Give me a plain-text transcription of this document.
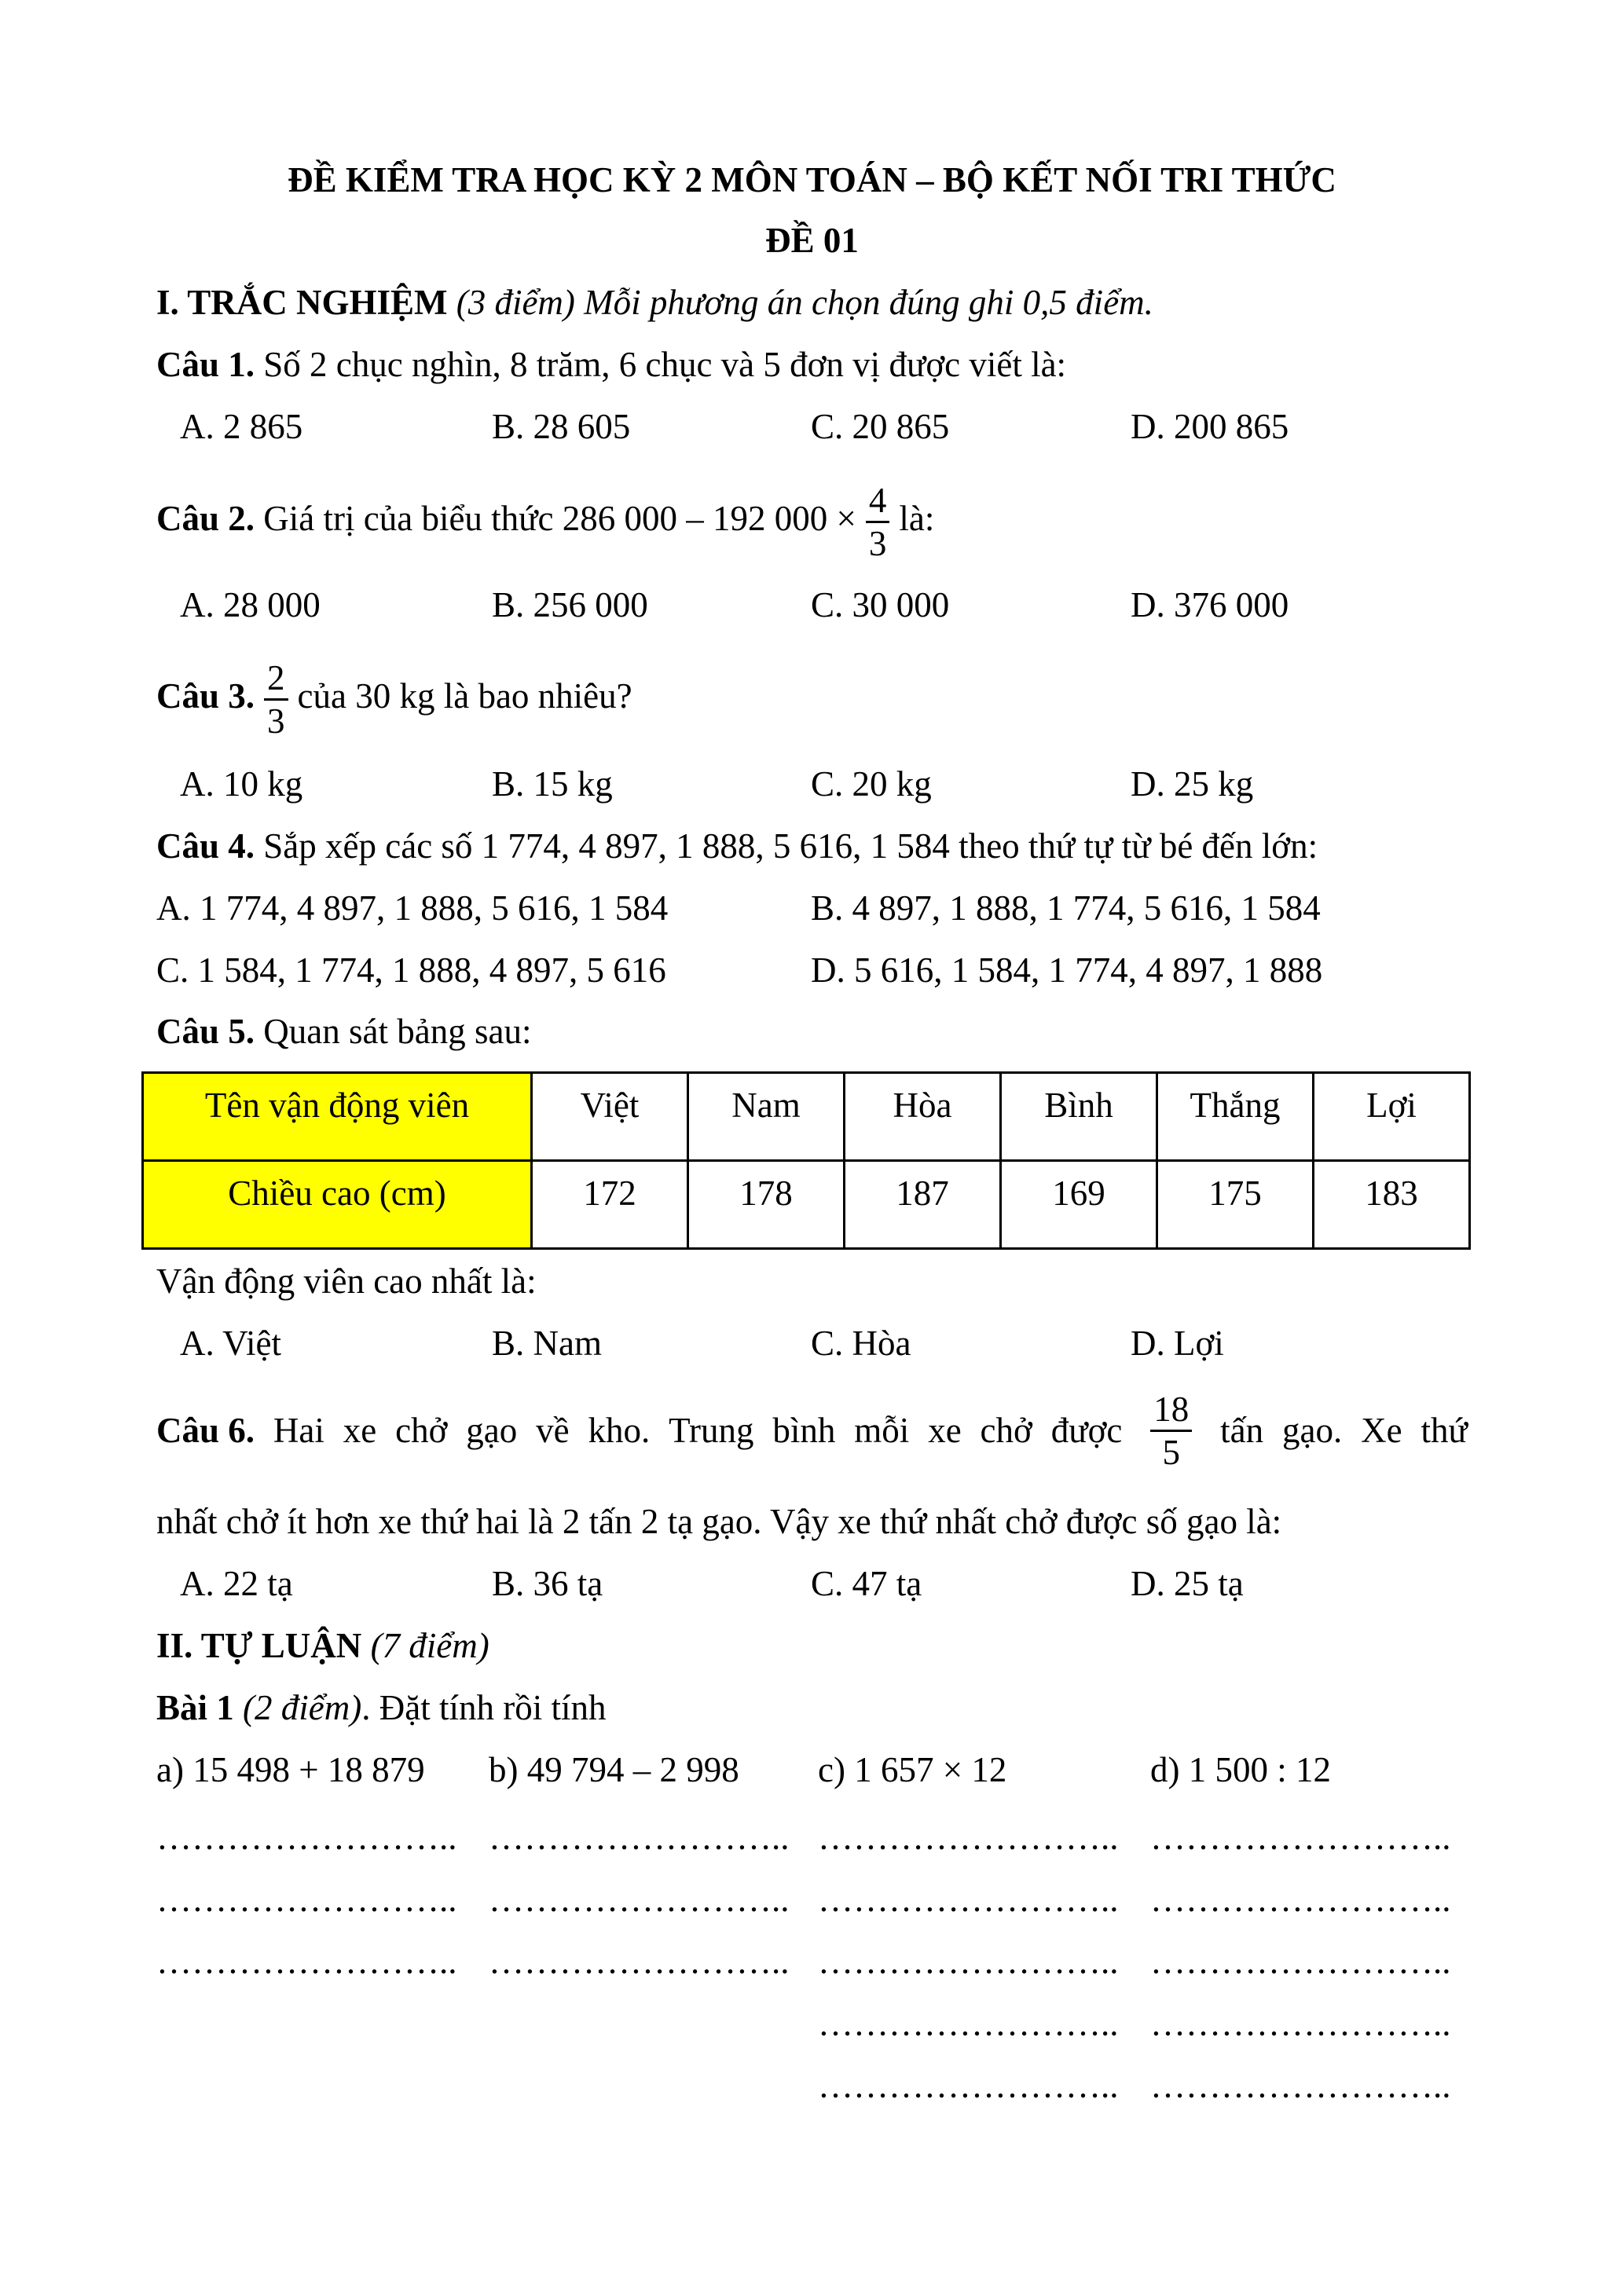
ĐỀ KIỂM TRA HỌC KỲ 2 MÔN TOÁN – BỘ KẾT NỐI TRI THỨC
ĐỀ 01
I. TRẮC NGHIỆM (3 điểm) Mỗi phương án chọn đúng ghi 0,5 điểm.
Câu 1. Số 2 chục nghìn, 8 trăm, 6 chục và 5 đơn vị được viết là:
A. 2 865	B. 28 605	C. 20 865	D. 200 865
Câu 2. Giá trị của biểu thức 286 000 – 192 $000 \times \frac{4}{3}$ là:
A. 28 000	B. 256 000	C. 30 000	D. 376 000
Câu 3. $\frac{2}{3}$ của 30 kg là bao nhiêu?
A. 10 kg	B. 15 kg	C. 20 kg	D. 25 kg
Câu 4. Sắp xếp các số 1 774, 4 897, 1 888, 5 616, 1 584 theo thứ tự từ bé đến lớn:
A. 1 774, 4 897, 1 888, 5 616, 1 584	B. 4 897, 1 888, 1 774, 5 616, 1 584
C. 1 584, 1 774, 1 888, 4 897, 5 616	D. 5 616, 1 584, 1 774, 4 897, 1 888
Câu 5. Quan sát bảng sau:
Tên vận động viên	Việt	Nam	Hòa	Bình	Thắng	Lợi
Chiều cao (cm)	172	178	187	169	175	183
Vận động viên cao nhất là:
A. Việt	B. Nam	C. Hòa	D. Lợi
Câu 6. Hai xe chở gạo về kho. Trung bình mỗi xe chở được $\frac{18}{5}$ tấn gạo. Xe thứ
nhất chở ít hơn xe thứ hai là 2 tấn 2 tạ gạo. Vậy xe thứ nhất chở được số gạo là:
A. 22 tạ	B. 36 tạ	C. 47 tạ	D. 25 tạ
II. TỰ LUẬN (7 điểm)
Bài 1 (2 điểm). Đặt tính rồi tính
a) 15 498 + 18 879 b) 49 794 – 2 998 c) 1 657 × 12	d) 1 500 : 12
……………………..
……………………..
……………………..
……………………..
……………………..
……………………..
……………………..
……………………..
……………………..
……………………..
……………………..
……………………..
……………………..
……………………..
……………………..
……………………..
